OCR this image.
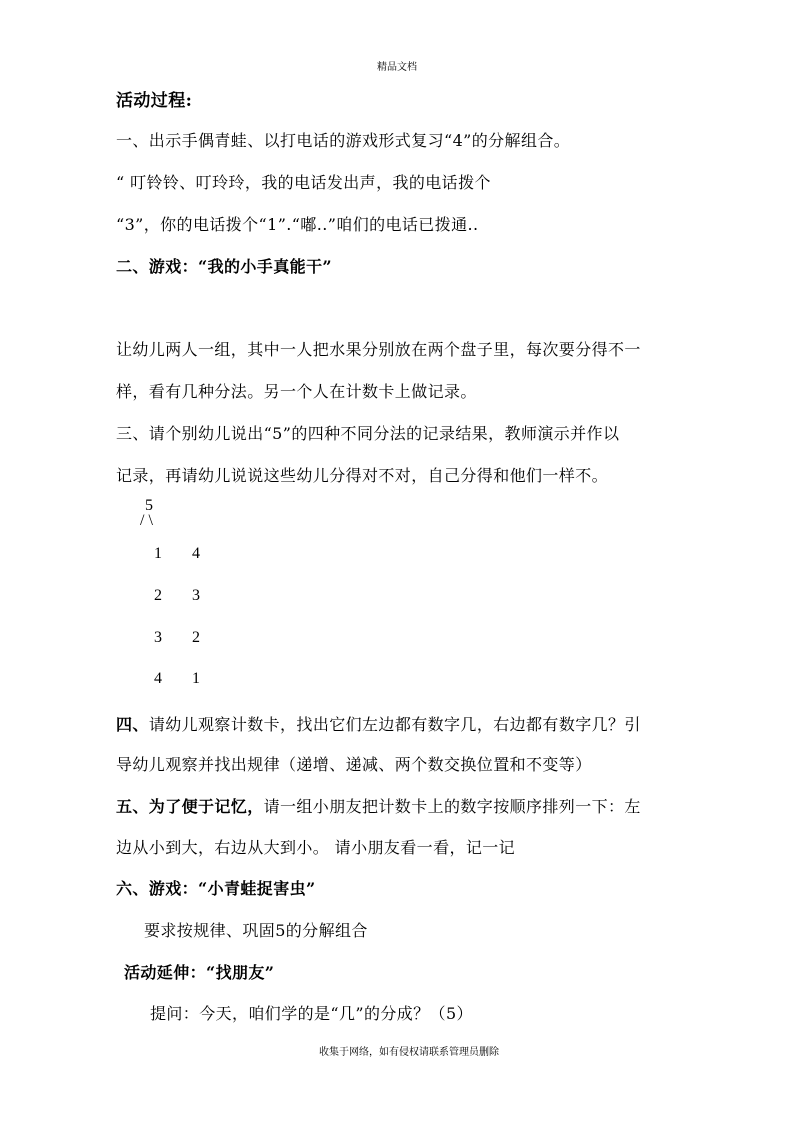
精品文档
活动过程:
一、出示手偶青蛙、以打电话的游戏形式复习“4”的分解组合。
“ 叮铃铃、叮玲玲，我的电话发出声，我的电话拨个
“3”，你的电话拨个“1”.“嘟..”咱们的电话已拨通..
二、游戏：“我的小手真能干”
让幼儿两人一组，其中一人把水果分别放在两个盘子里，每次要分得不一
样，看有几种分法。另一个人在计数卡上做记录。
三、请个别幼儿说出“5”的四种不同分法的记录结果，教师演示并作以
记录，再请幼儿说说这些幼儿分得对不对，自己分得和他们一样不。
5
/ \
1 4
2 3
3 2
4 1
四、请幼儿观察计数卡，找出它们左边都有数字几，右边都有数字几？引
导幼儿观察并找出规律（递增、递减、两个数交换位置和不变等）
五、为了便于记忆，请一组小朋友把计数卡上的数字按顺序排列一下：左
边从小到大，右边从大到小。 请小朋友看一看，记一记
六、游戏：“小青蛙捉害虫”
要求按规律、巩固5的分解组合
活动延伸：“找朋友”
提问：今天，咱们学的是“几”的分成？（5）
收集于网络，如有侵权请联系管理员删除
